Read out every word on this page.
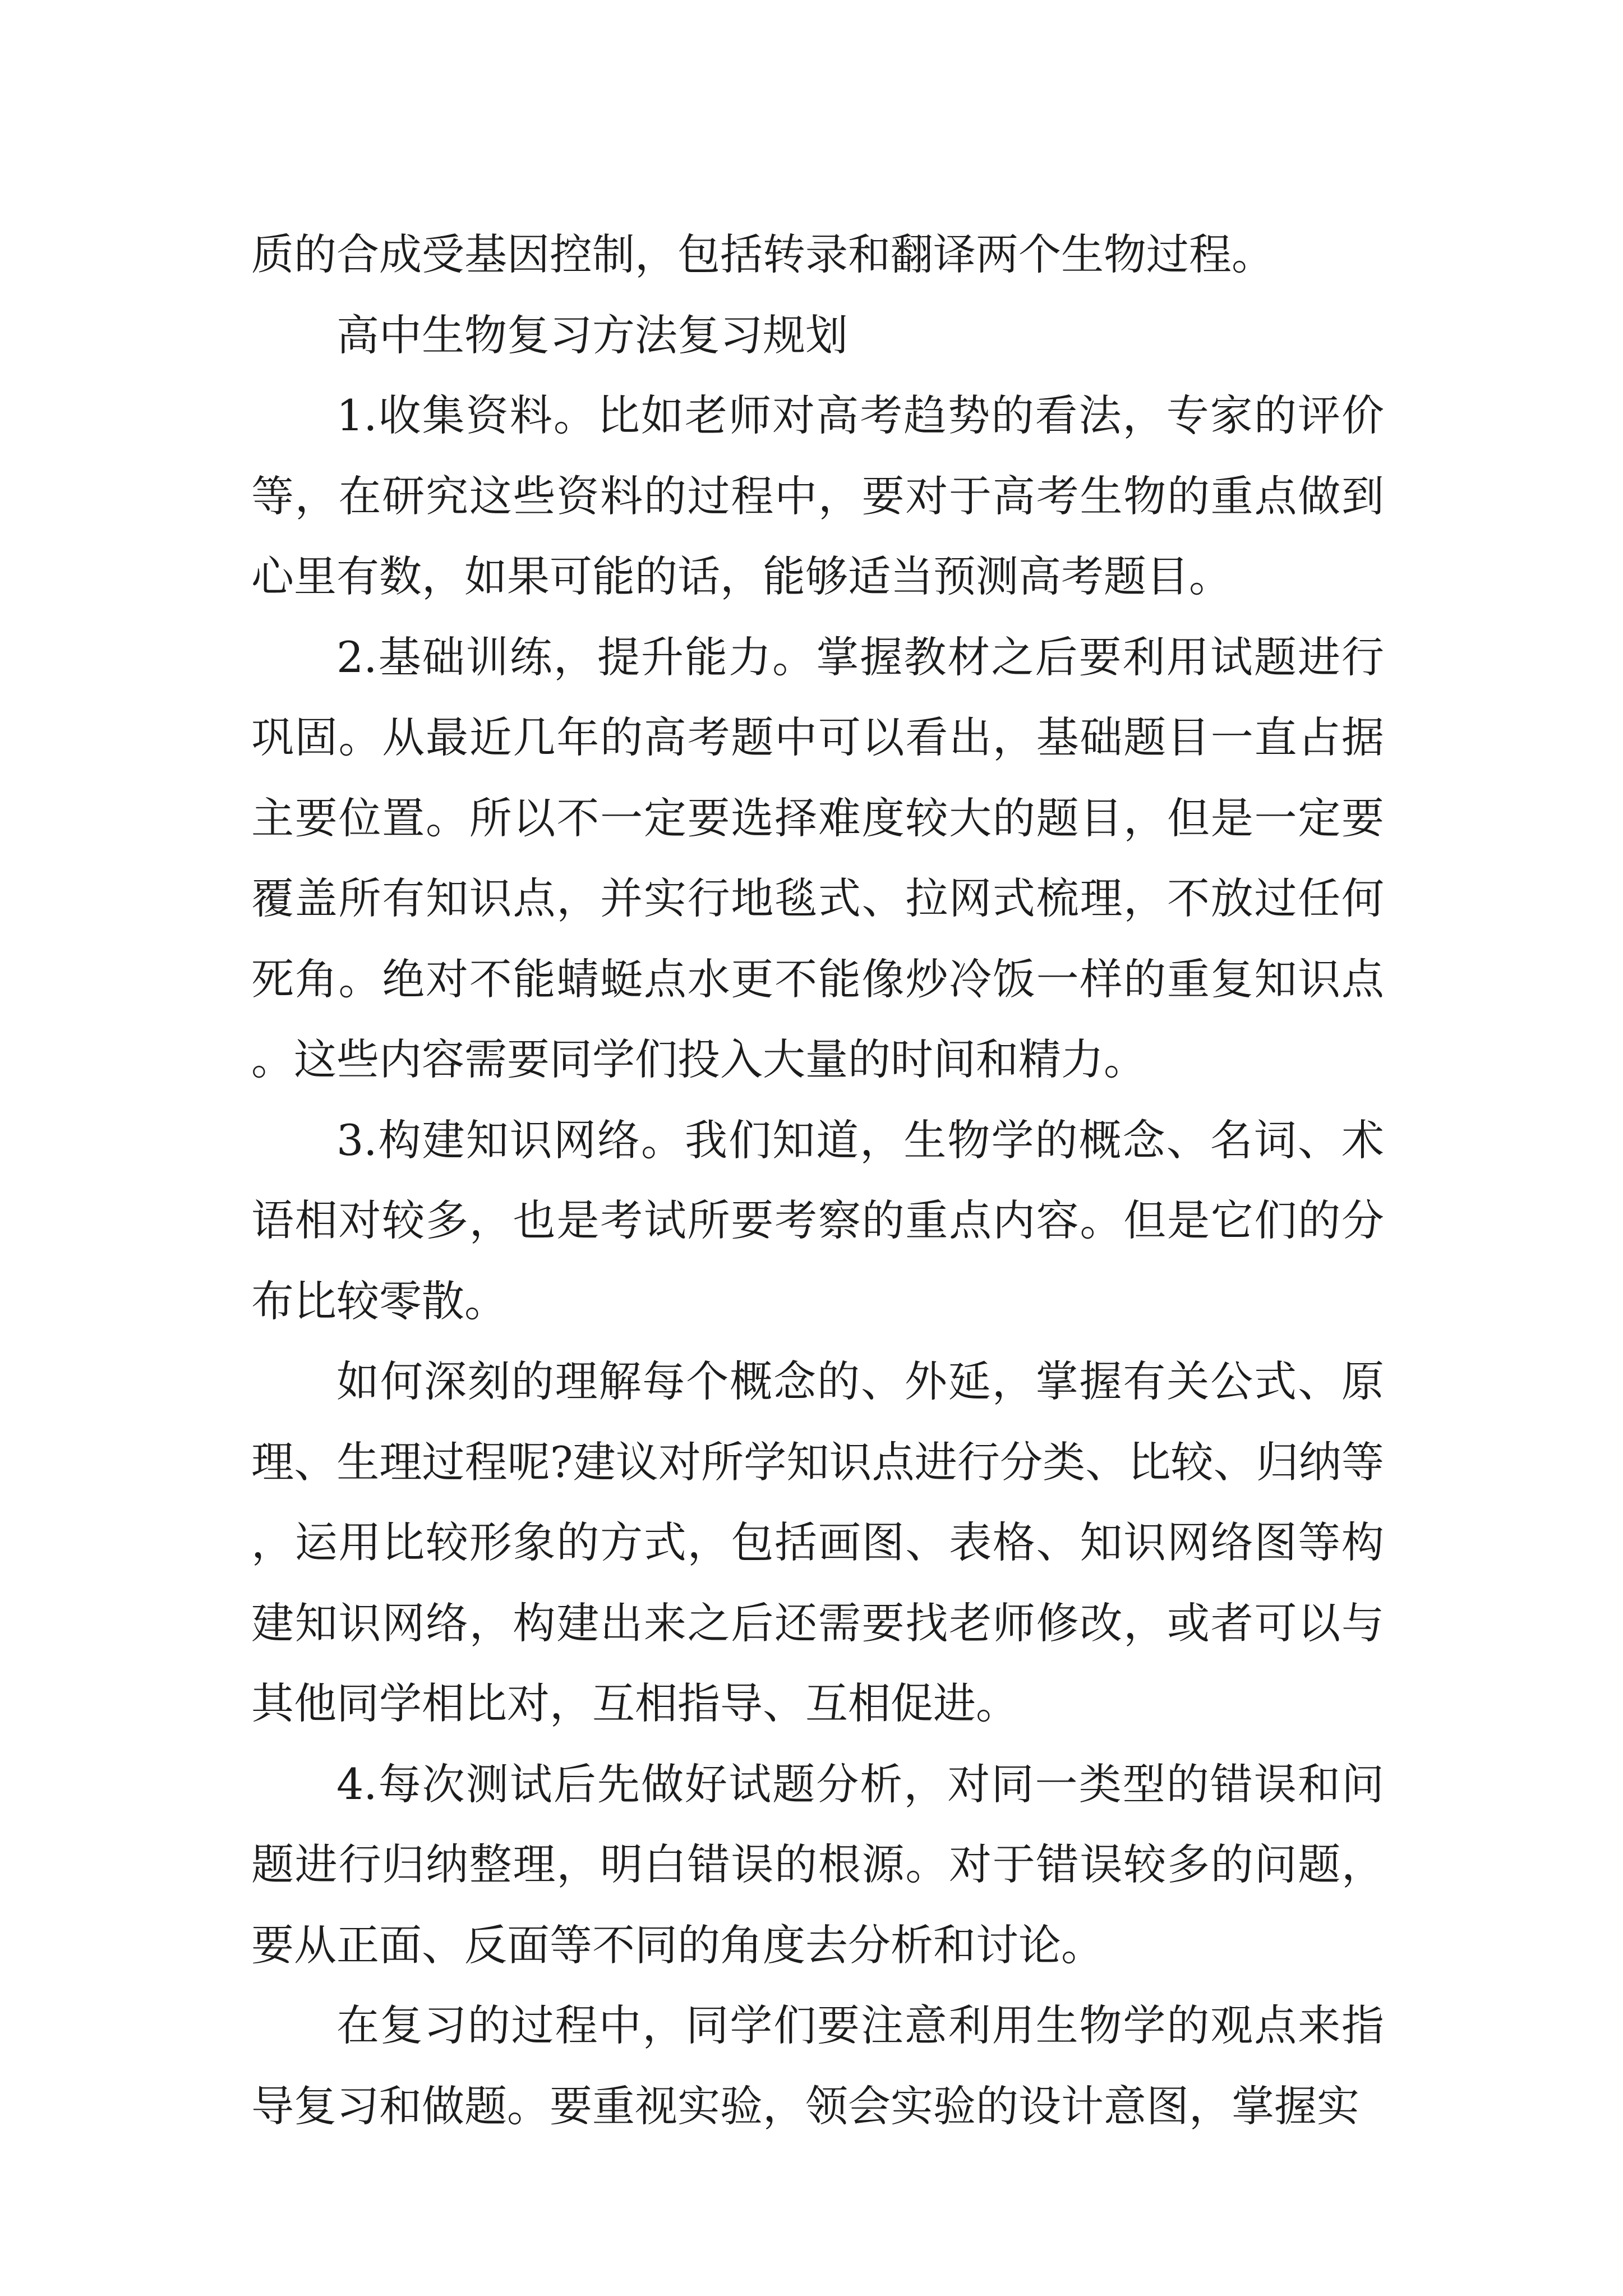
质的合成受基因控制，包括转录和翻译两个生物过程。

高中生物复习方法复习规划

1.收集资料。比如老师对高考趋势的看法，专家的评价等，在研究这些资料的过程中，要对于高考生物的重点做到心里有数，如果可能的话，能够适当预测高考题目。

2.基础训练，提升能力。掌握教材之后要利用试题进行巩固。从最近几年的高考题中可以看出，基础题目一直占据主要位置。所以不一定要选择难度较大的题目，但是一定要覆盖所有知识点，并实行地毯式、拉网式梳理，不放过任何死角。绝对不能蜻蜓点水更不能像炒冷饭一样的重复知识点。这些内容需要同学们投入大量的时间和精力。

3.构建知识网络。我们知道，生物学的概念、名词、术语相对较多，也是考试所要考察的重点内容。但是它们的分布比较零散。

如何深刻的理解每个概念的、外延，掌握有关公式、原理、生理过程呢?建议对所学知识点进行分类、比较、归纳等，运用比较形象的方式，包括画图、表格、知识网络图等构建知识网络，构建出来之后还需要找老师修改，或者可以与其他同学相比对，互相指导、互相促进。

4.每次测试后先做好试题分析，对同一类型的错误和问题进行归纳整理，明白错误的根源。对于错误较多的问题，要从正面、反面等不同的角度去分析和讨论。

在复习的过程中，同学们要注意利用生物学的观点来指导复习和做题。要重视实验，领会实验的设计意图，掌握实
